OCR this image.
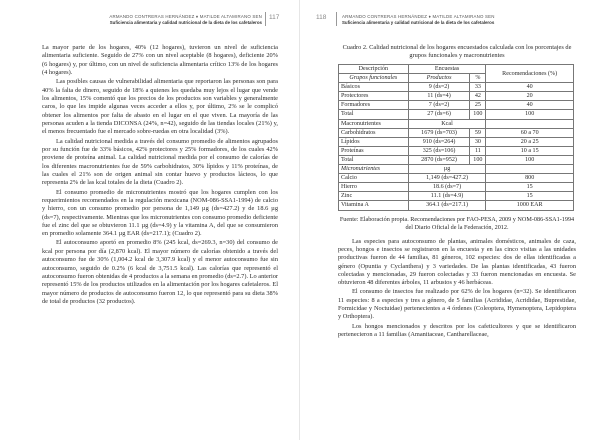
ARMANDO CONTRERAS HERNÁNDEZ ♦ MATILDE ALTAMIRANO SEN
Suficiencia alimentaria y calidad nutricional de la dieta de los cafetaleros
117

La mayor parte de los hogares, 40% (12 hogares), tuvieron un nivel de suficiencia alimentaria suficiente. Seguido de 27% con un nivel aceptable (8 hogares), deficiente 20% (6 hogares) y, por último, con un nivel de suficiencia alimentaria crítico 13% de los hogares (4 hogares).

Las posibles causas de vulnerabilidad alimentaria que reportaron las personas son para 40% la falta de dinero, seguido de 18% a quienes les quedaba muy lejos el lugar que vende los alimentos, 15% comentó que los precios de los productos son variables y generalmente caros, lo que les impide algunas veces acceder a ellos y, por último, 2% se le complicó obtener los alimentos por falta de abasto en el lugar en el que viven. La mayoría de las personas acuden a la tienda DICONSA (24%, n=42), seguido de las tiendas locales (21%) y, el menos frecuentado fue el mercado sobre-ruedas en otra localidad (3%).

La calidad nutricional medida a través del consumo promedio de alimentos agrupados por su función fue de 33% básicos, 42% protectores y 25% formadores, de los cuales 42% proviene de proteína animal. La calidad nutricional medida por el consumo de calorías de los diferentes macronutrientes fue de 59% carbohidratos, 30% lípidos y 11% proteínas, de las cuales el 21% son de origen animal sin contar huevo y productos lácteos, lo que representa 2% de las kcal totales de la dieta (Cuadro 2).

El consumo promedio de micronutrientes mostró que los hogares cumplen con los requerimientos recomendados en la regulación mexicana (NOM-086-SSA1-1994) de calcio y hierro, con un consumo promedio por persona de 1,149 µg (ds=427.2) y de 18.6 µg (ds=7), respectivamente. Mientras que los micronutrientes con consumo promedio deficiente fue el zinc del que se obtuvieron 11.1 µg (ds=4.9) y la vitamina A, del que se consumieron en promedio solamente 364.1 µg EAR (ds=217.1); (Cuadro 2).

El autoconsumo aportó en promedio 8% (245 kcal, ds=269.3, n=30) del consumo de kcal por persona por día (2,870 kcal). El mayor número de calorías obtenido a través del autoconsumo fue de 30% (1,004.2 kcal de 3,307.9 kcal) y el menor autoconsumo fue sin autoconsumo, seguido de 0.2% (6 kcal de 3,751.5 kcal). Las calorías que representó el autoconsumo fueron obtenidas de 4 productos a la semana en promedio (ds=2.7). Lo anterior representó 15% de los productos utilizados en la alimentación por los hogares cafetaleros. El mayor número de productos de autoconsumo fueron 12, lo que representó para su dieta 38% de total de productos (32 productos).

118	ARMANDO CONTRERAS HERNÁNDEZ ♦ MATILDE ALTAMIRANO SEN
Suficiencia alimentaria y calidad nutricional de la dieta de los cafetaleros
Cuadro 2. Calidad nutricional de los hogares encuestados calculada con los porcentajes de grupos funcionales y macronutrientes
Descripción	Encuestas		Recomendaciones (%)
Grupos funcionales	Productos	%	
Básicos	9 (ds=2)	33	40
Protectores	11 (ds=4)	42	20
Formadores	7 (ds=2)	25	40
Total	27 (ds=6)	100	100
Macronutrientes	Kcal		
Carbohidratos	1679 (ds=703)	59	60 a 70
Lípidos	910 (ds=264)	30	20 a 25
Proteínas	325 (ds=106)	11	10 a 15
Total	2870 (ds=952)	100	100
Micronutrientes	µg		
Calcio	1,149 (ds=427.2)		800
Hierro	18.6 (ds=7)		15
Zinc	11.1 (ds=4.9)		15
Vitamina A	364.1 (ds=217.1)		1000 EAR
Fuente: Elaboración propia. Recomendaciones por FAO-PESA, 2009 y NOM-086-SSA1-1994 del Diario Oficial de la Federación, 2012.

Las especies para autoconsumo de plantas, animales domésticos, animales de caza, peces, hongos e insectos se registraron en la encuesta y en las cinco visitas a las unidades productivas fueron de 44 familias, 81 géneros, 102 especies: dos de ellas identificadas a género (Opuntia y Cyclanthera) y 3 variedades. De las plantas identificadas, 43 fueron colectadas y mencionadas, 29 fueron colectadas y 33 fueron mencionadas en encuesta. Se obtuvieron 48 diferentes árboles, 11 arbustos y 46 herbáceas.

El consumo de insectos fue realizado por 62% de los hogares (n=32). Se identificaron 11 especies: 8 a especies y tres a género, de 5 familias (Acrididae, Acrididae, Buprestidae, Formicidae y Noctuidae) pertenecientes a 4 órdenes (Coleoptera, Hymenoptera, Lepidoptera y Orthoptera).

Los hongos mencionados y descritos por los cafeticultores y que se identificaron pertenecieron a 11 familias (Amanitaceae, Cantharellaceae,
